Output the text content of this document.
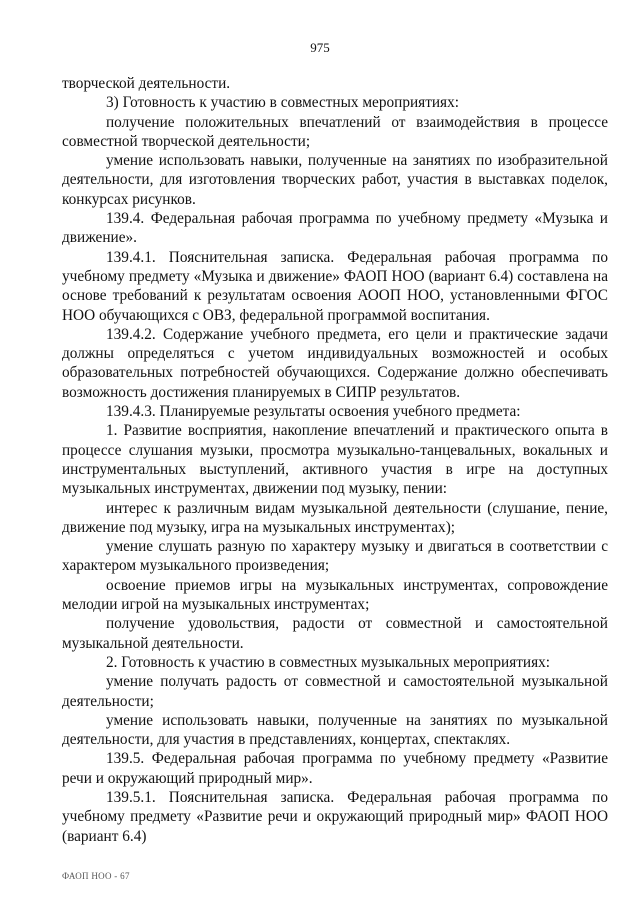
975

творческой деятельности.

3) Готовность к участию в совместных мероприятиях:

получение положительных впечатлений от взаимодействия в процессе совместной творческой деятельности;

умение использовать навыки, полученные на занятиях по изобразительной деятельности, для изготовления творческих работ, участия в выставках поделок, конкурсах рисунков.

139.4. Федеральная рабочая программа по учебному предмету «Музыка и движение».

139.4.1. Пояснительная записка. Федеральная рабочая программа по учебному предмету «Музыка и движение» ФАОП НОО (вариант 6.4) составлена на основе требований к результатам освоения АООП НОО, установленными ФГОС НОО обучающихся с ОВЗ, федеральной программой воспитания.

139.4.2. Содержание учебного предмета, его цели и практические задачи должны определяться с учетом индивидуальных возможностей и особых образовательных потребностей обучающихся. Содержание должно обеспечивать возможность достижения планируемых в СИПР результатов.

139.4.3. Планируемые результаты освоения учебного предмета:

1. Развитие восприятия, накопление впечатлений и практического опыта в процессе слушания музыки, просмотра музыкально-танцевальных, вокальных и инструментальных выступлений, активного участия в игре на доступных музыкальных инструментах, движении под музыку, пении:

интерес к различным видам музыкальной деятельности (слушание, пение, движение под музыку, игра на музыкальных инструментах);

умение слушать разную по характеру музыку и двигаться в соответствии с характером музыкального произведения;

освоение приемов игры на музыкальных инструментах, сопровождение мелодии игрой на музыкальных инструментах;

получение удовольствия, радости от совместной и самостоятельной музыкальной деятельности.

2. Готовность к участию в совместных музыкальных мероприятиях:

умение получать радость от совместной и самостоятельной музыкальной деятельности;

умение использовать навыки, полученные на занятиях по музыкальной деятельности, для участия в представлениях, концертах, спектаклях.

139.5. Федеральная рабочая программа по учебному предмету «Развитие речи и окружающий природный мир».

139.5.1. Пояснительная записка. Федеральная рабочая программа по учебному предмету «Развитие речи и окружающий природный мир» ФАОП НОО (вариант 6.4)

ФАОП НОО - 67
